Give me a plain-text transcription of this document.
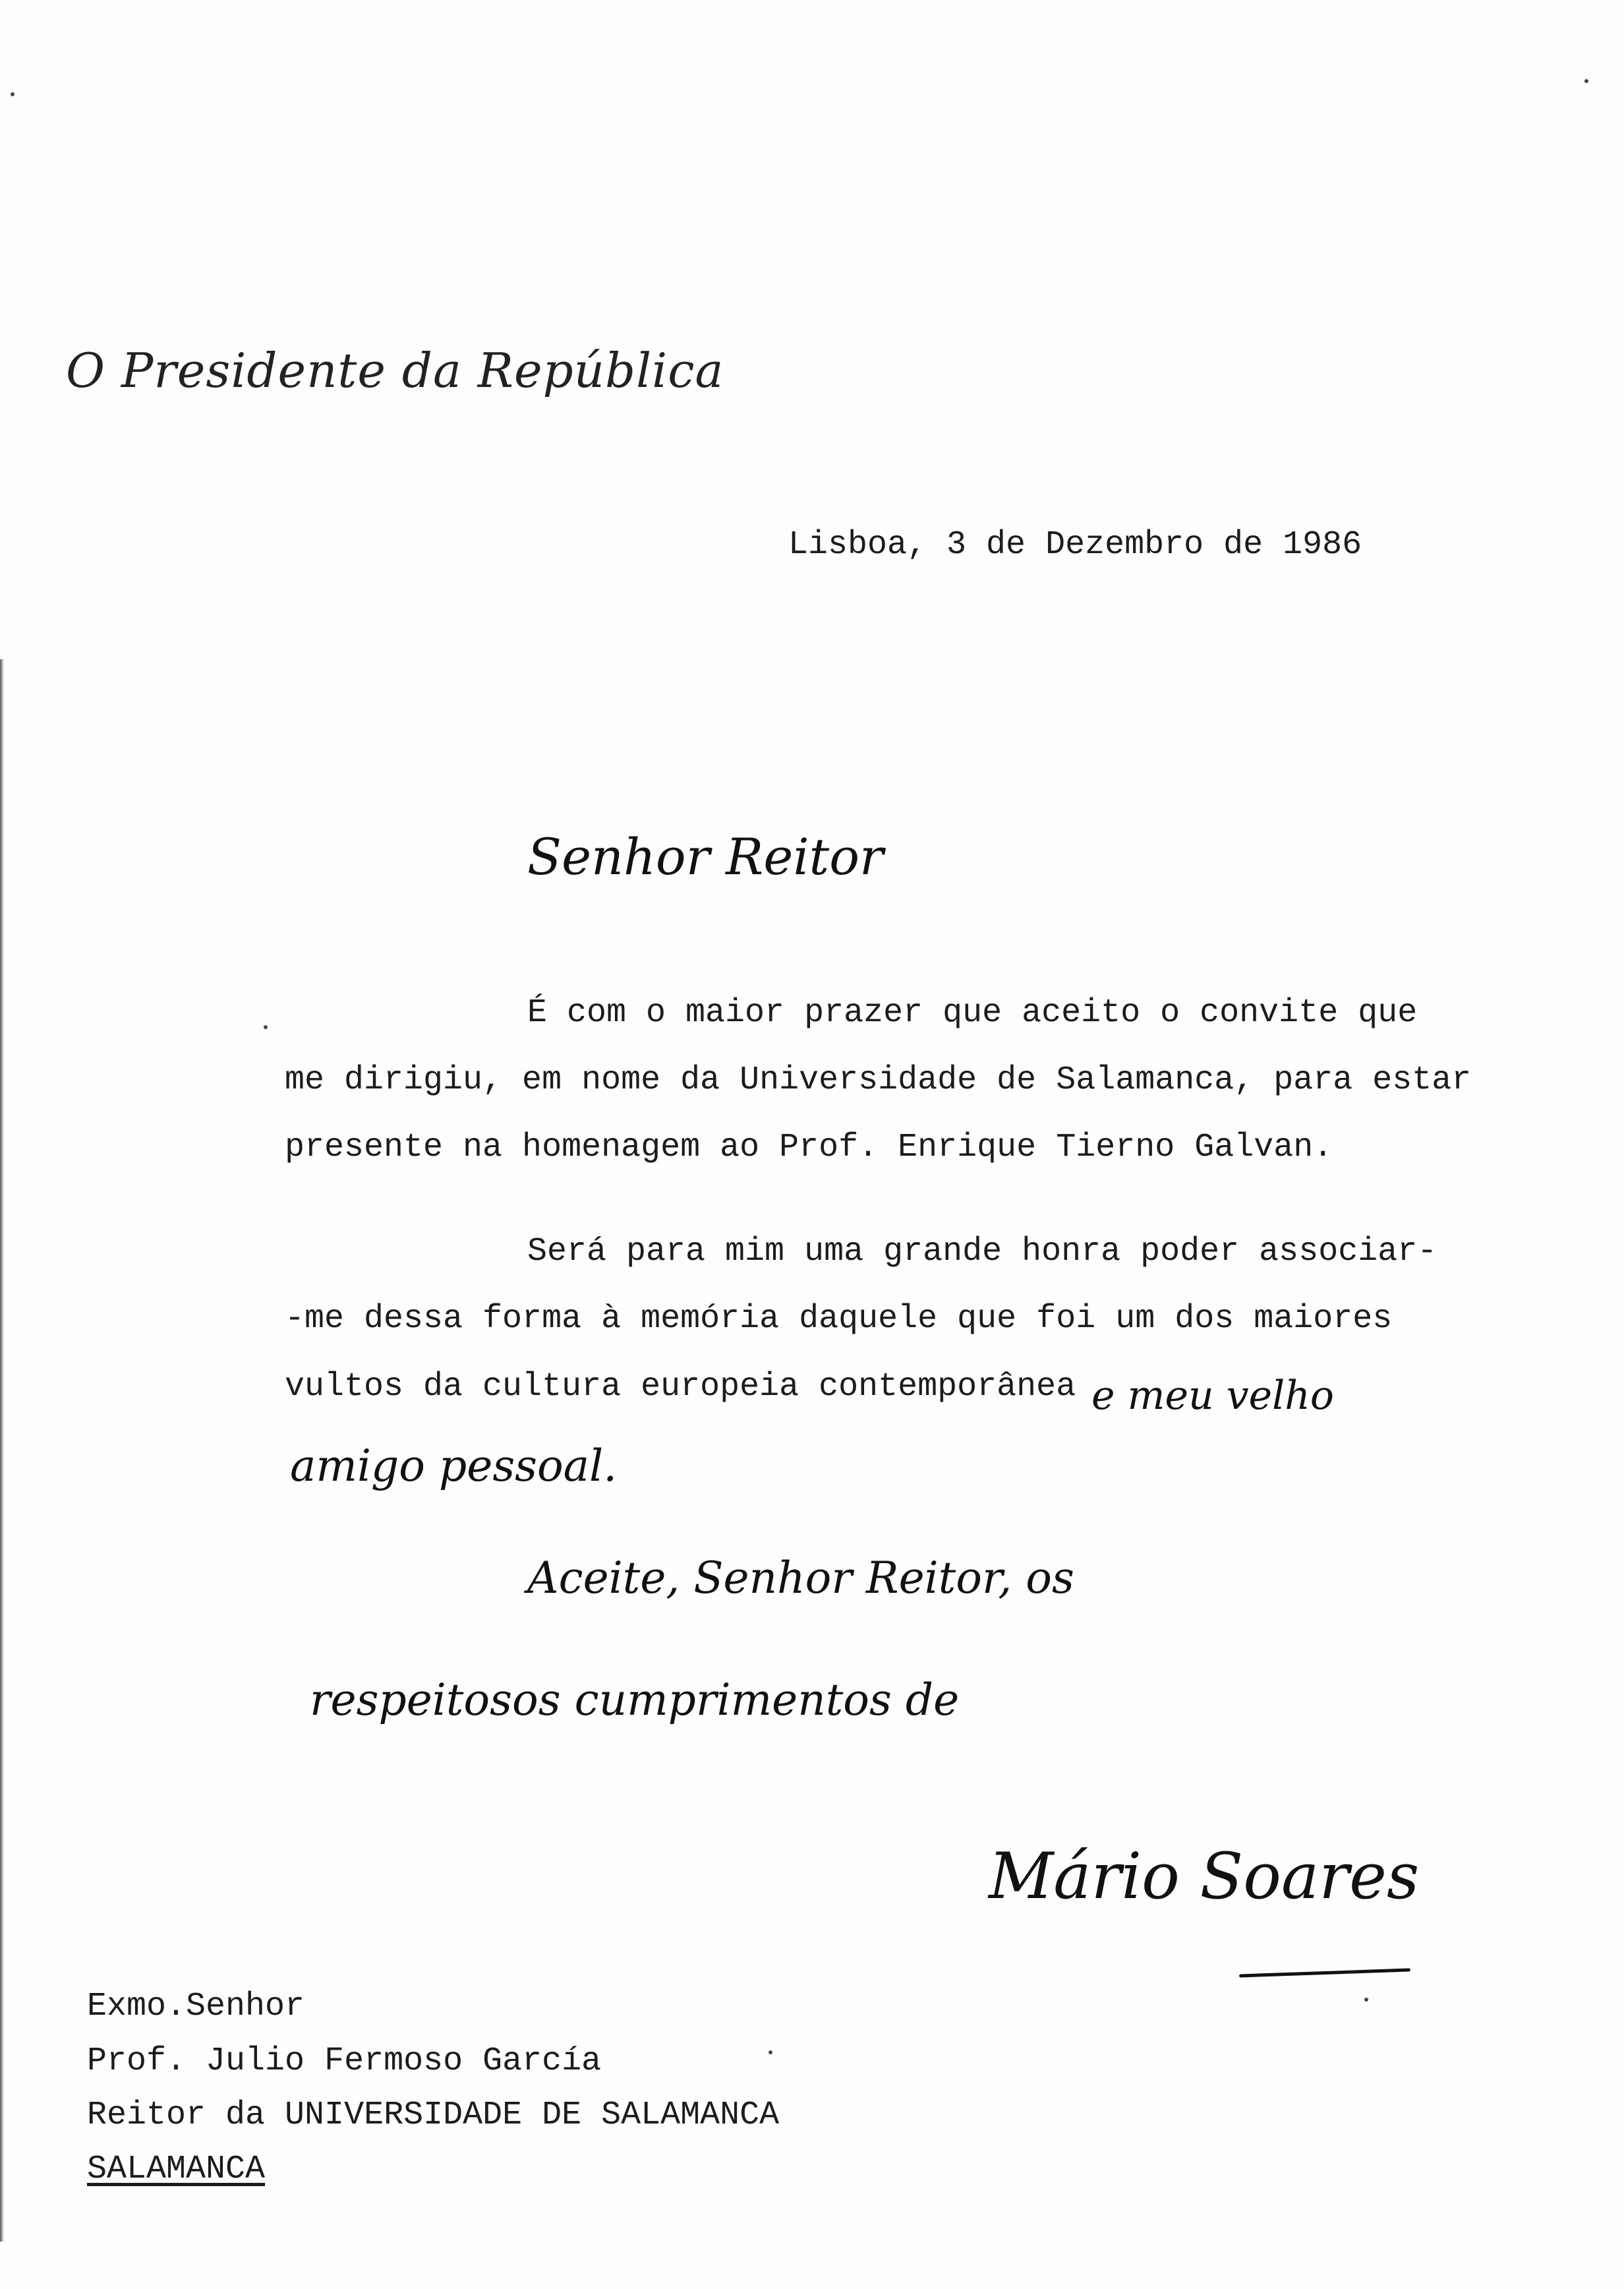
O Presidente da República
Lisboa, 3 de Dezembro de 1986
Senhor Reitor
É com o maior prazer que aceito o convite que
me dirigiu, em nome da Universidade de Salamanca, para estar
presente na homenagem ao Prof. Enrique Tierno Galvan.
Será para mim uma grande honra poder associar-
-me dessa forma à memória daquele que foi um dos maiores
vultos da cultura europeia contemporânea e meu velho
amigo pessoal.
Aceite, Senhor Reitor, os
respeitosos cumprimentos de
Mário Soares
Exmo.Senhor
Prof. Julio Fermoso García
Reitor da UNIVERSIDADE DE SALAMANCA
SALAMANCA
